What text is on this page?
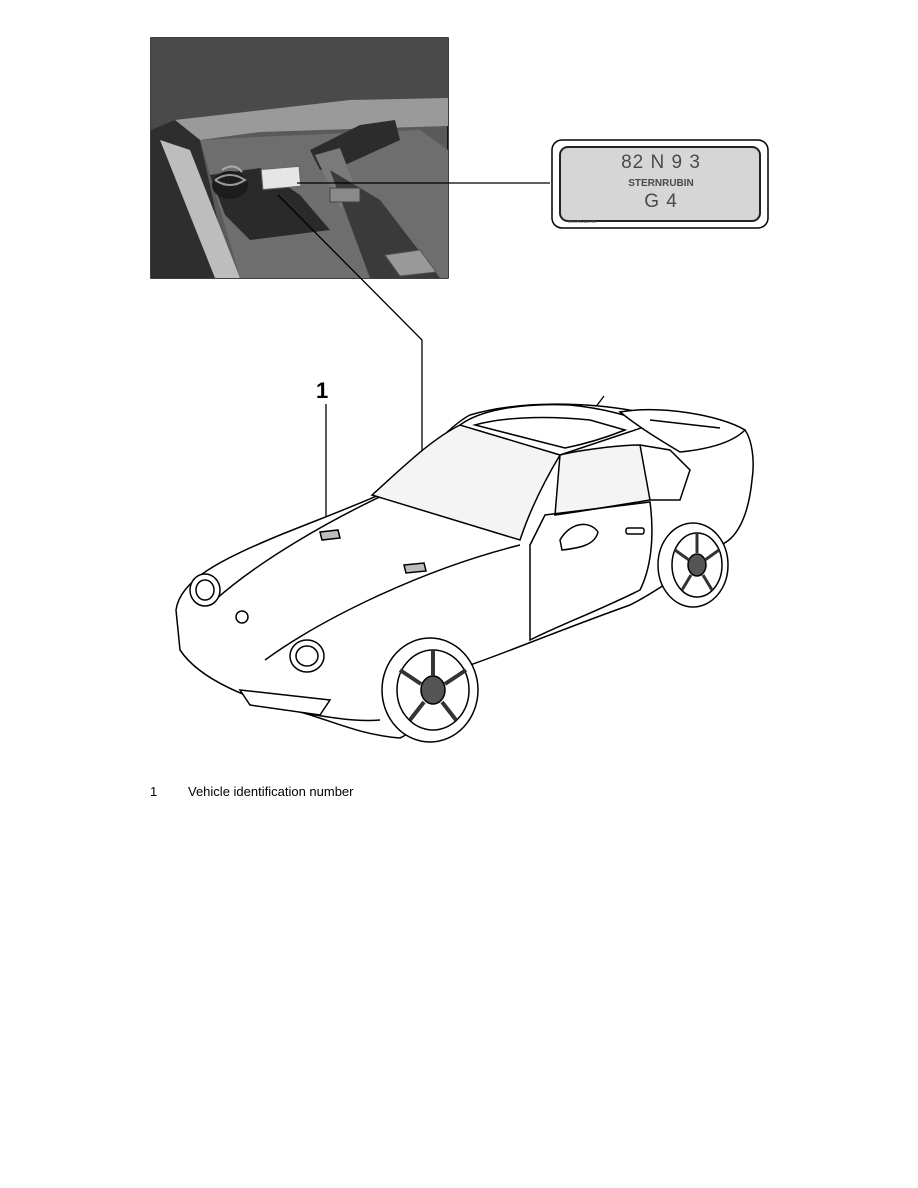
82 N 9 3
STERNRUBIN
G 4
999.701.167.90
1
1	Vehicle identification number
